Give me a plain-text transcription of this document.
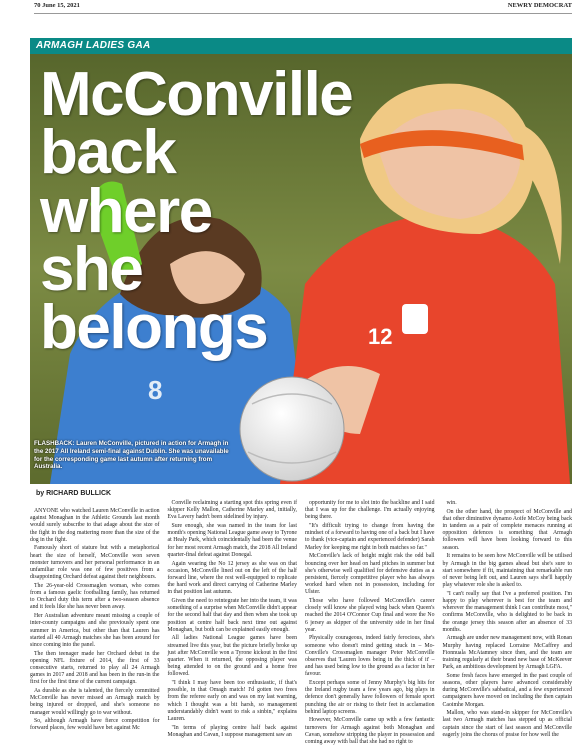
70 June 15, 2021	NEWRY DEMOCRAT
ARMAGH LADIES GAA
8
12
McConville
back
where
she
belongs
FLASHBACK: Lauren McConville, pictured in action for Armagh in the 2017 All Ireland semi-final against Dublin. She was unavailable for the corresponding game last autumn after returning from Australia.
by RICHARD BULLICK

ANYONE who watched Lauren McConville in action against Monaghan in the Athletic Grounds last month would surely subscribe to that adage about the size of the fight in the dog mattering more than the size of the dog in the fight.

Famously short of stature but with a metaphorical heart the size of herself, McConville won seven monster turnovers and her personal performance in an unfamiliar role was one of few positives from a disappointing Orchard defeat against their neighbours.

The 26-year-old Crossmaglen woman, who comes from a famous gaelic footballing family, has returned to Orchard duty this term after a two-season absence and it feels like she has never been away.

Her Australian adventure meant missing a couple of inter-county campaigns and she previously spent one summer in America, but other than that Lauren has started all 40 Armagh matches she has been around for since coming into the panel.

The then teenager made her Orchard debut in the opening NFL fixture of 2014, the first of 33 consecutive starts, returned to play all 24 Armagh games in 2017 and 2018 and has been in the run-in the first for the first time of the current campaign.

As durable as she is talented, the fiercely committed McConville has never missed an Armagh match by being injured or dropped, and she's someone no manager would willingly go to war without.

So, although Armagh have fierce competition for forward places, few would have bet against Mc

Conville reclaiming a starting spot this spring even if skipper Kelly Mallon, Catherine Marley and, initially, Eva Lavery hadn't been sidelined by injury.

Sure enough, she was named in the team for last month's opening National League game away to Tyrone at Healy Park, which coincidentally had been the venue for her most recent Armagh match, the 2018 All Ireland quarter-final defeat against Donegal.

Again wearing the No 12 jersey as she was on that occasion, McConville lined out on the left of the half forward line, where the rest well-equipped to replicate the hard work and direct carrying of Catherine Marley in that position last autumn.

Given the need to reintegrate her into the team, it was something of a surprise when McConville didn't appear for the second half that day and then when she took up position at centre half back next time out against Monaghan, but both can be explained easily enough.

All ladies National League games have been streamed live this year, but the picture briefly broke up just after McConville won a Tyrone kickout in the first quarter. When it returned, the opposing player was being attended to on the ground and a home free followed.

"I think I may have been too enthusiastic, if that's possible, in that Omagh match! I'd gotten two frees from the referee early on and was on my last warning, which I thought was a bit harsh, so management understandably didn't want to risk a sinbin," explains Lauren.

"In terms of playing centre half back against Monaghan and Cavan, I suppose management saw an

opportunity for me to slot into the backline and I said that I was up for the challenge. I'm actually enjoying being there.

"It's difficult trying to change from having the mindset of a forward to having one of a back but I have to thank (vice-captain and experienced defender) Sarah Marley for keeping me right in both matches so far."

McConville's lack of height might risk the odd ball bouncing over her head on hard pitches in summer but she's otherwise well qualified for defensive duties as a persistent, fiercely competitive player who has always worked hard when not in possession, including for Ulster.

Those who have followed McConville's career closely will know she played wing back when Queen's reached the 2014 O'Connor Cup final and wore the No 6 jersey as skipper of the university side in her final year.

Physically courageous, indeed fairly ferocious, she's someone who doesn't mind getting stuck in – Mo-Conville's Crossmaglen manager Peter McConville observes that 'Lauren loves being in the thick of it' – and has used being low to the ground as a factor in her favour.

Except perhaps some of Jenny Murphy's big hits for the Ireland rugby team a few years ago, big plays in defence don't generally have followers of female sport punching the air or rising to their feet in acclamation behind laptop screens.

However, McConville came up with a few fantastic turnovers for Armagh against both Monaghan and Cavan, somehow stripping the player in possession and coming away with ball that she had no right to

win.

On the other hand, the prospect of McConville and that other diminutive dynamo Aoife McCoy being back in tandem as a pair of complete menaces running at opposition defences is something that Armagh followers will have been looking forward to this season.

It remains to be seen how McConville will be utilised by Armagh in the big games ahead but she's sure to start somewhere if fit, maintaining that remarkable run of never being left out, and Lauren says she'll happily play whatever role she is asked to.

"I can't really say that I've a preferred position. I'm happy to play wherever is best for the team and wherever the management think I can contribute most," confirms McConville, who is delighted to be back in the orange jersey this season after an absence of 33 months.

Armagh are under new management now, with Ronan Murphy having replaced Lorraine McCaffrey and Fionnuala McAtamney since then, and the team are training regularly at their brand new base of McKeever Park, an ambitious development by Armagh LGFA.

Some fresh faces have emerged in the past couple of seasons, other players have advanced considerably during McConville's sabbatical, and a few experienced campaigners have moved on including the then captain Caoimhe Morgan.

Mallon, who was stand-in skipper for McConville's last two Armagh matches has stepped up as official captain since the start of last season and McConville eagerly joins the chorus of praise for how well the
